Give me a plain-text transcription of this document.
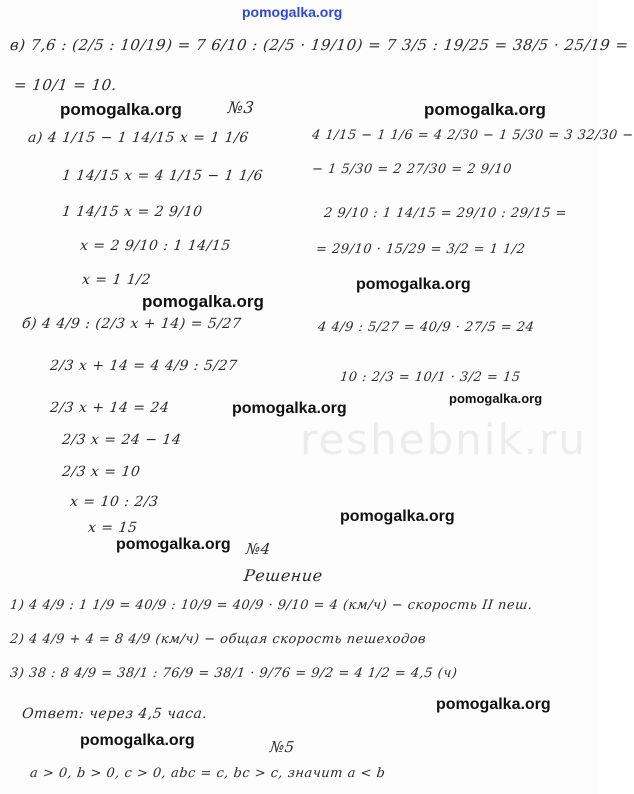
reshebnik.ru
pomogalka.org
в) 7,6 : (2/5 : 10/19) = 7 6/10 : (2/5 · 19/10) = 7 3/5 : 19/25 = 38/5 · 25/19 =
= 10/1 = 10.
pomogalka.org	№3	pomogalka.org
а) 4 1/15 − 1 14/15 x = 1 1/6
1 14/15 x = 4 1/15 − 1 1/6
1 14/15 x = 2 9/10
x = 2 9/10 : 1 14/15
x = 1 1/2
4 1/15 − 1 1/6 = 4 2/30 − 1 5/30 = 3 32/30 −
− 1 5/30 = 2 27/30 = 2 9/10
2 9/10 : 1 14/15 = 29/10 : 29/15 =
= 29/10 · 15/29 = 3/2 = 1 1/2
pomogalka.org
pomogalka.org
б) 4 4/9 : (2/3 x + 14) = 5/27	4 4/9 : 5/27 = 40/9 · 27/5 = 24
2/3 x + 14 = 4 4/9 : 5/27
10 : 2/3 = 10/1 · 3/2 = 15
pomogalka.org
2/3 x + 14 = 24	pomogalka.org
2/3 x = 24 − 14
2/3 x = 10
x = 10 : 2/3
pomogalka.org
x = 15
pomogalka.org №4
Решение
1) 4 4/9 : 1 1/9 = 40/9 : 10/9 = 40/9 · 9/10 = 4 (км/ч) − скорость II пеш.
2) 4 4/9 + 4 = 8 4/9 (км/ч) − общая скорость пешеходов
3) 38 : 8 4/9 = 38/1 : 76/9 = 38/1 · 9/76 = 9/2 = 4 1/2 = 4,5 (ч)
Ответ: через 4,5 часа.
pomogalka.org
pomogalka.org	№5
а > 0, b > 0, c > 0, abc = c, bc > c, значит a < b
